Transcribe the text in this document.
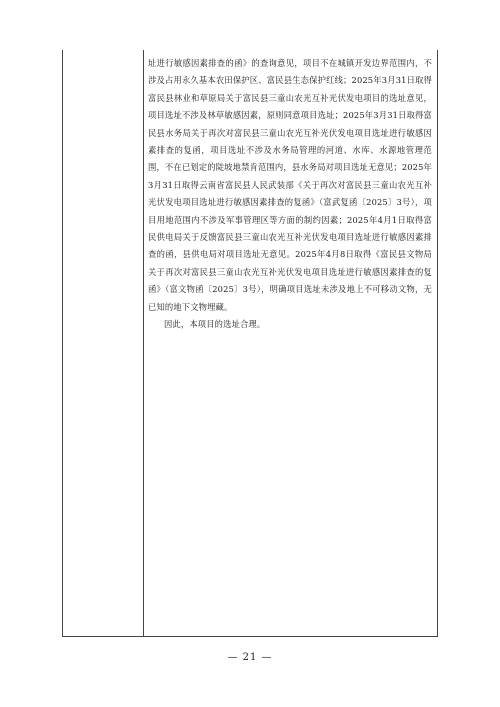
址进行敏感因素排查的函》的查询意见，项目不在城镇开发边界范围内，不涉及占用永久基本农田保护区、富民县生态保护红线；2025年3月31日取得富民县林业和草原局关于富民县三童山农光互补光伏发电项目的选址意见，项目选址不涉及林草敏感因素，原则同意项目选址；2025年3月31日取得富民县水务局关于再次对富民县三童山农光互补光伏发电项目选址进行敏感因素排查的复函，项目选址不涉及水务局管理的河道、水库、水源地管理范围，不在已划定的陡坡地禁肯范围内，县水务局对项目选址无意见；2025年3月31日取得云南省富民县人民武装部《关于再次对富民县三童山农光互补光伏发电项目选址进行敏感因素排查的复函》（富武复函〔2025〕3号），项目用地范围内不涉及军事管理区等方面的制约因素；2025年4月1日取得富民供电局关于反馈富民县三童山农光互补光伏发电项目选址进行敏感因素排查的函，县供电局对项目选址无意见。2025年4月8日取得《富民县文物局关于再次对富民县三童山农光互补光伏发电项目选址进行敏感因素排查的复函》（富文物函〔2025〕3号），明确项目选址未涉及地上不可移动文物，无已知的地下文物埋藏。

因此，本项目的选址合理。

— 21 —
